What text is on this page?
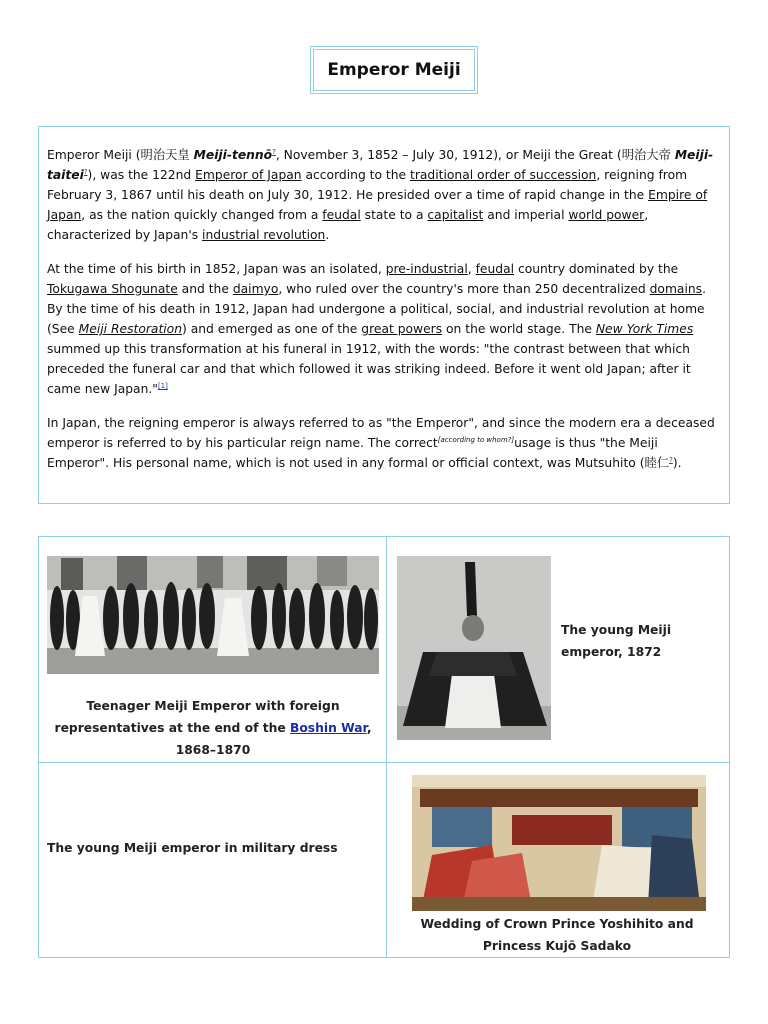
Emperor Meiji

Emperor Meiji (明治天皇 Meiji-tennō?, November 3, 1852 – July 30, 1912), or Meiji the Great (明治大帝 Meiji-taitei?), was the 122nd Emperor of Japan according to the traditional order of succession, reigning from February 3, 1867 until his death on July 30, 1912. He presided over a time of rapid change in the Empire of Japan, as the nation quickly changed from a feudal state to a capitalist and imperial world power, characterized by Japan's industrial revolution.

At the time of his birth in 1852, Japan was an isolated, pre-industrial, feudal country dominated by the Tokugawa Shogunate and the daimyo, who ruled over the country's more than 250 decentralized domains. By the time of his death in 1912, Japan had undergone a political, social, and industrial revolution at home (See Meiji Restoration) and emerged as one of the great powers on the world stage. The New York Times summed up this transformation at his funeral in 1912, with the words: "the contrast between that which preceded the funeral car and that which followed it was striking indeed. Before it went old Japan; after it came new Japan."[1]

In Japan, the reigning emperor is always referred to as "the Emperor", and since the modern era a deceased emperor is referred to by his particular reign name. The correct[according to whom?]usage is thus "the Meiji Emperor". His personal name, which is not used in any formal or official context, was Mutsuhito (睦仁?).

Teenager Meiji Emperor with foreign representatives at the end of the Boshin War, 1868–1870
The young Meiji emperor, 1872
The young Meiji emperor in military dress
Wedding of Crown Prince Yoshihito and Princess Kujō Sadako
